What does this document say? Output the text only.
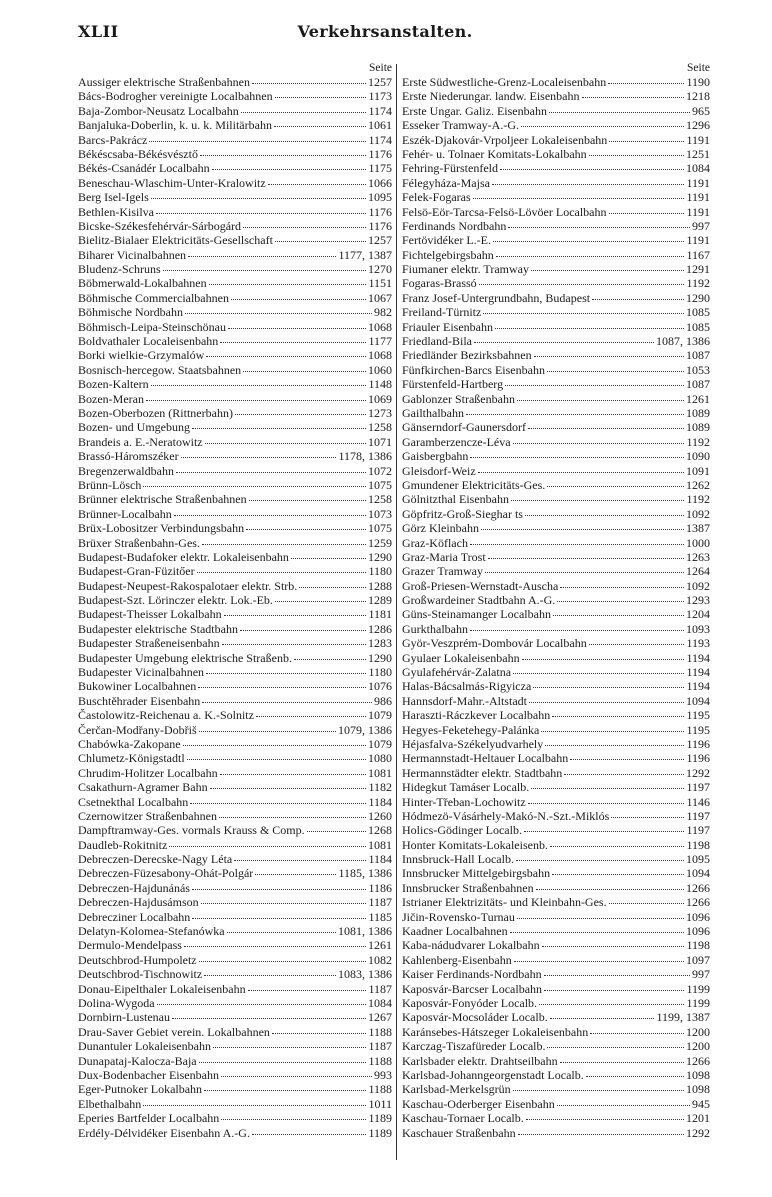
XLII	Verkehrsanstalten.
Seite
Aussiger elektrische Straßenbahnen	1257
Bács-Bodrogher vereinigte Localbahnen	1173
Baja-Zombor-Neusatz Localbahn	1174
Banjaluka-Doberlin, k. u. k. Militärbahn	1061
Barcs-Pakrácz	1174
Békéscsaba-Békésvésztő	1176
Békés-Csanádér Localbahn	1175
Beneschau-Wlaschim-Unter-Kralowitz	1066
Berg Isel-Igels	1095
Bethlen-Kisilva	1176
Bicske-Székesfehérvár-Sárbogárd	1176
Bielitz-Bialaer Elektricitäts-Gesellschaft	1257
Biharer Vicinalbahnen	1177, 1387
Bludenz-Schruns	1270
Böbmerwald-Lokalbahnen	1151
Böhmische Commercialbahnen	1067
Böhmische Nordbahn	982
Böhmisch-Leipa-Steinschönau	1068
Boldvathaler Localeisenbahn	1177
Borki wielkie-Grzymalów	1068
Bosnisch-hercegow. Staatsbahnen	1060
Bozen-Kaltern	1148
Bozen-Meran	1069
Bozen-Oberbozen (Rittnerbahn)	1273
Bozen- und Umgebung	1258
Brandeis a. E.-Neratowitz	1071
Brassó-Háromszéker	1178, 1386
Bregenzerwaldbahn	1072
Brünn-Lösch	1075
Brünner elektrische Straßenbahnen	1258
Brünner-Localbahn	1073
Brüx-Lobositzer Verbindungsbahn	1075
Brüxer Straßenbahn-Ges.	1259
Budapest-Budafoker elektr. Lokaleisenbahn	1290
Budapest-Gran-Füzitőer	1180
Budapest-Neupest-Rakospalotaer elektr. Strb.	1288
Budapest-Szt. Lörinczer elektr. Lok.-Eb.	1289
Budapest-Theisser Lokalbahn	1181
Budapester elektrische Stadtbahn	1286
Budapester Straßeneisenbahn	1283
Budapester Umgebung elektrische Straßenb.	1290
Budapester Vicinalbahnen	1180
Bukowiner Localbahnen	1076
Buschtěhrader Eisenbahn	986
Častolowitz-Reichenau a. K.-Solnitz	1079
Čerčan-Modřany-Dobřiš	1079, 1386
Chabówka-Zakopane	1079
Chlumetz-Königstadtl	1080
Chrudim-Holitzer Localbahn	1081
Csakathurn-Agramer Bahn	1182
Csetnekthal Localbahn	1184
Czernowitzer Straßenbahnen	1260
Dampftramway-Ges. vormals Krauss & Comp.	1268
Daudleb-Rokitnitz	1081
Debreczen-Derecske-Nagy Léta	1184
Debreczen-Füzesabony-Ohát-Polgár	1185, 1386
Debreczen-Hajdunánás	1186
Debreczen-Hajdusámson	1187
Debrecziner Localbahn	1185
Delatyn-Kolomea-Stefanówka	1081, 1386
Dermulo-Mendelpass	1261
Deutschbrod-Humpoletz	1082
Deutschbrod-Tischnowitz	1083, 1386
Donau-Eipelthaler Lokaleisenbahn	1187
Dolina-Wygoda	1084
Dornbirn-Lustenau	1267
Drau-Saver Gebiet verein. Lokalbahnen	1188
Dunantuler Lokaleisenbahn	1187
Dunapataj-Kalocza-Baja	1188
Dux-Bodenbacher Eisenbahn	993
Eger-Putnoker Lokalbahn	1188
Elbethalbahn	1011
Eperies Bartfelder Localbahn	1189
Erdély-Délvidéker Eisenbahn A.-G.	1189
Seite
Erste Südwestliche-Grenz-Localeisenbahn	1190
Erste Niederungar. landw. Eisenbahn	1218
Erste Ungar. Galiz. Eisenbahn	965
Esseker Tramway-A.-G.	1296
Eszék-Djakovár-Vrpoljeer Lokaleisenbahn	1191
Fehér- u. Tolnaer Komitats-Lokalbahn	1251
Fehring-Fürstenfeld	1084
Félegyháza-Majsa	1191
Felek-Fogaras	1191
Felsö-Eör-Tarcsa-Felsö-Lövöer Localbahn	1191
Ferdinands Nordbahn	997
Fertövidéker L.-E.	1191
Fichtelgebirgsbahn	1167
Fiumaner elektr. Tramway	1291
Fogaras-Brassó	1192
Franz Josef-Untergrundbahn, Budapest	1290
Freiland-Türnitz	1085
Friauler Eisenbahn	1085
Friedland-Bila	1087, 1386
Friedländer Bezirksbahnen	1087
Fünfkirchen-Barcs Eisenbahn	1053
Fürstenfeld-Hartberg	1087
Gablonzer Straßenbahn	1261
Gailthalbahn	1089
Gänserndorf-Gaunersdorf	1089
Garamberzencze-Léva	1192
Gaisbergbahn	1090
Gleisdorf-Weiz	1091
Gmundener Elektricitäts-Ges.	1262
Gölnitzthal Eisenbahn	1192
Göpfritz-Groß-Sieghar ts	1092
Görz Kleinbahn	1387
Graz-Köflach	1000
Graz-Maria Trost	1263
Grazer Tramway	1264
Groß-Priesen-Wernstadt-Auscha	1092
Großwardeiner Stadtbahn A.-G.	1293
Güns-Steinamanger Localbahn	1204
Gurkthalbahn	1093
Györ-Veszprém-Dombovár Localbahn	1193
Gyulaer Lokaleisenbahn	1194
Gyulafehérvár-Zalatna	1194
Halas-Bácsalmás-Rigyicza	1194
Hannsdorf-Mahr.-Altstadt	1094
Haraszti-Ráczkever Localbahn	1195
Hegyes-Feketehegy-Palánka	1195
Héjasfalva-Székelyudvarhely	1196
Hermannstadt-Heltauer Localbahn	1196
Hermannstädter elektr. Stadtbahn	1292
Hidegkut Tamáser Localb.	1197
Hinter-Třeban-Lochowitz	1146
Hódmezö-Vásárhely-Makó-N.-Szt.-Miklós	1197
Holics-Gödinger Localb.	1197
Honter Komitats-Lokaleisenb.	1198
Innsbruck-Hall Localb.	1095
Innsbrucker Mittelgebirgsbahn	1094
Innsbrucker Straßenbahnen	1266
Istrianer Elektrizitäts- und Kleinbahn-Ges.	1266
Jičin-Rovensko-Turnau	1096
Kaadner Localbahnen	1096
Kaba-nádudvarer Lokalbahn	1198
Kahlenberg-Eisenbahn	1097
Kaiser Ferdinands-Nordbahn	997
Kaposvár-Barcser Localbahn	1199
Kaposvár-Fonyóder Localb.	1199
Kaposvár-Mocsoláder Localb.	1199, 1387
Karánsebes-Hátszeger Lokaleisenbahn	1200
Karczag-Tiszafüreder Localb.	1200
Karlsbader elektr. Drahtseilbahn	1266
Karlsbad-Johanngeorgenstadt Localb.	1098
Karlsbad-Merkelsgrün	1098
Kaschau-Oderberger Eisenbahn	945
Kaschau-Tornaer Localb.	1201
Kaschauer Straßenbahn	1292
